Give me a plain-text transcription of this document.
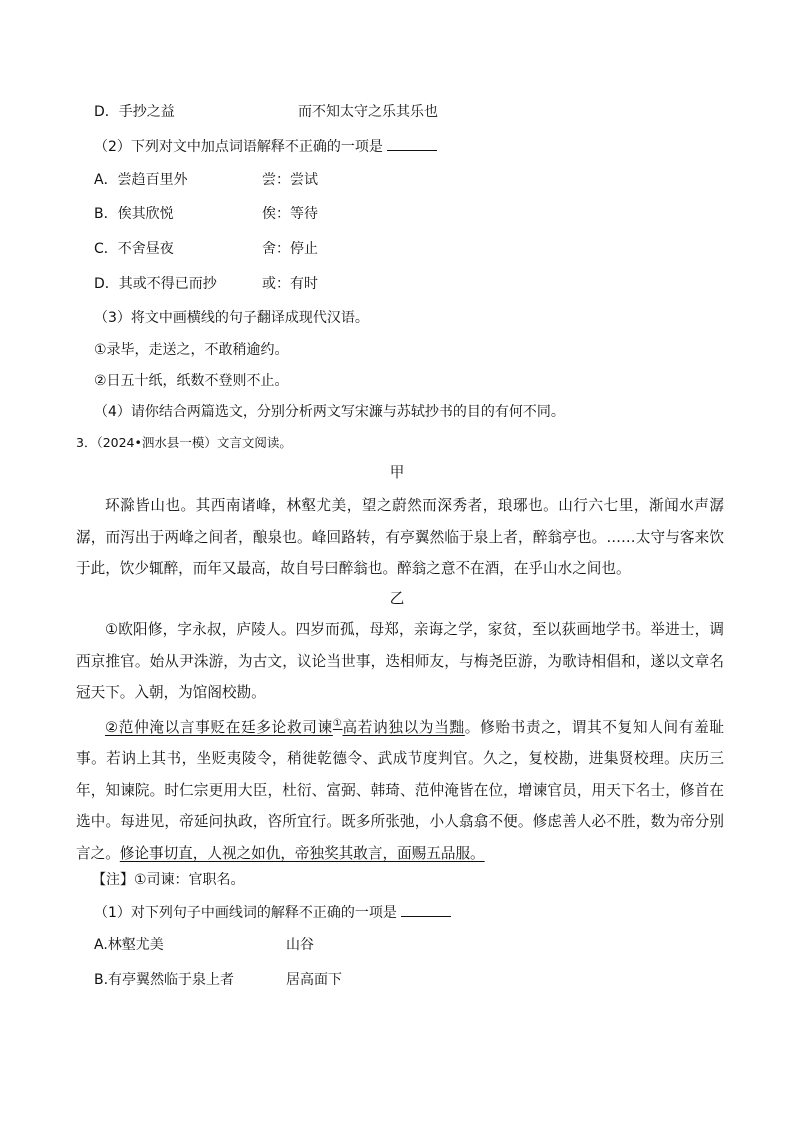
D．手抄之益	而不知太守之乐其乐也
（2）下列对文中加点词语解释不正确的一项是
A．尝趋百里外	尝：尝试
B．俟其欣悦	俟：等待
C．不舍昼夜	舍：停止
D．其或不得已而抄	或：有时
（3）将文中画横线的句子翻译成现代汉语。
①录毕，走送之，不敢稍逾约。
②日五十纸，纸数不登则不止。
（4）请你结合两篇选文，分别分析两文写宋濂与苏轼抄书的目的有何不同。
3．（2024•泗水县一模）文言文阅读。
甲
环滁皆山也。其西南诸峰，林壑尤美，望之蔚然而深秀者，琅琊也。山行六七里，渐闻水声潺潺，而泻出于两峰之间者，酿泉也。峰回路转，有亭翼然临于泉上者，醉翁亭也。……太守与客来饮于此，饮少辄醉，而年又最高，故自号曰醉翁也。醉翁之意不在酒，在乎山水之间也。
乙
①欧阳修，字永叔，庐陵人。四岁而孤，母郑，亲诲之学，家贫，至以荻画地学书。举进士，调西京推官。始从尹洙游，为古文，议论当世事，迭相师友，与梅尧臣游，为歌诗相倡和，遂以文章名冠天下。入朝，为馆阁校勘。
②范仲淹以言事贬在廷多论救司谏①高若讷独以为当黜。修贻书责之，谓其不复知人间有羞耻事。若讷上其书，坐贬夷陵令，稍徙乾德令、武成节度判官。久之，复校勘，进集贤校理。庆历三年，知谏院。时仁宗更用大臣，杜衍、富弼、韩琦、范仲淹皆在位，增谏官员，用天下名士，修首在选中。每进见，帝延问执政，咨所宜行。既多所张弛，小人翕翕不便。修虑善人必不胜，数为帝分别言之。修论事切直，人视之如仇，帝独奖其敢言，面赐五品服。
【注】①司谏：官职名。
（1）对下列句子中画线词的解释不正确的一项是
A.林壑尤美	山谷
B.有亭翼然临于泉上者	居高面下
